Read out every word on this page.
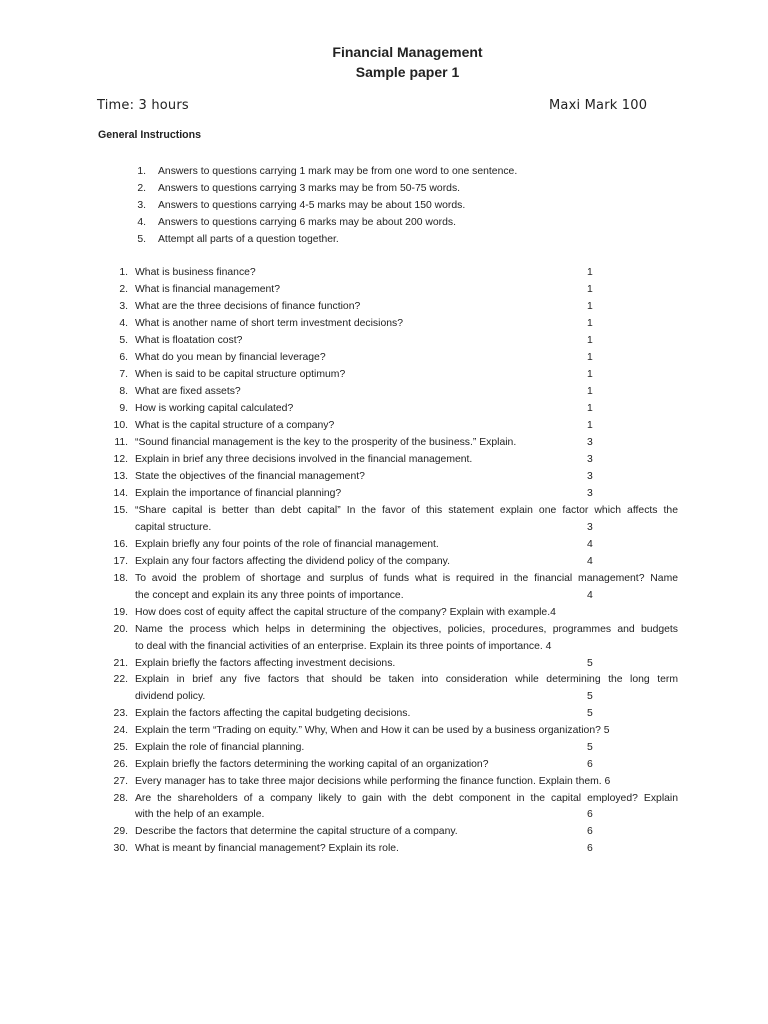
Financial Management
Sample paper 1
Time: 3 hours	Maxi Mark 100
General Instructions
1. Answers to questions carrying 1 mark may be from one word to one sentence.
2. Answers to questions carrying 3 marks may be from 50-75 words.
3. Answers to questions carrying 4-5 marks may be about 150 words.
4. Answers to questions carrying 6 marks may be about 200 words.
5. Attempt all parts of a question together.
1. What is business finance?	1
2. What is financial management?	1
3. What are the three decisions of finance function?	1
4. What is another name of short term investment decisions?	1
5. What is floatation cost?	1
6. What do you mean by financial leverage?	1
7. When is said to be capital structure optimum?	1
8. What are fixed assets?	1
9. How is working capital calculated?	1
10. What is the capital structure of a company?	1
11. “Sound financial management is the key to the prosperity of the business.” Explain.	3
12. Explain in brief any three decisions involved in the financial management.	3
13. State the objectives of the financial management?	3
14. Explain the importance of financial planning?	3
15. “Share capital is better than debt capital” In the favor of this statement explain one factor which affects the
capital structure.	3
16. Explain briefly any four points of the role of financial management.	4
17. Explain any four factors affecting the dividend policy of the company.	4
18. To avoid the problem of shortage and surplus of funds what is required in the financial management? Name
the concept and explain its any three points of importance.	4
19. How does cost of equity affect the capital structure of the company? Explain with example.4
20. Name the process which helps in determining the objectives, policies, procedures, programmes and budgets
to deal with the financial activities of an enterprise. Explain its three points of importance. 4
21. Explain briefly the factors affecting investment decisions.	5
22. Explain in brief any five factors that should be taken into consideration while determining the long term
dividend policy.	5
23. Explain the factors affecting the capital budgeting decisions.	5
24. Explain the term “Trading on equity.” Why, When and How it can be used by a business organization? 5
25. Explain the role of financial planning.	5
26. Explain briefly the factors determining the working capital of an organization?	6
27. Every manager has to take three major decisions while performing the finance function. Explain them. 6
28. Are the shareholders of a company likely to gain with the debt component in the capital employed? Explain
with the help of an example.	6
29. Describe the factors that determine the capital structure of a company.	6
30. What is meant by financial management? Explain its role.	6
